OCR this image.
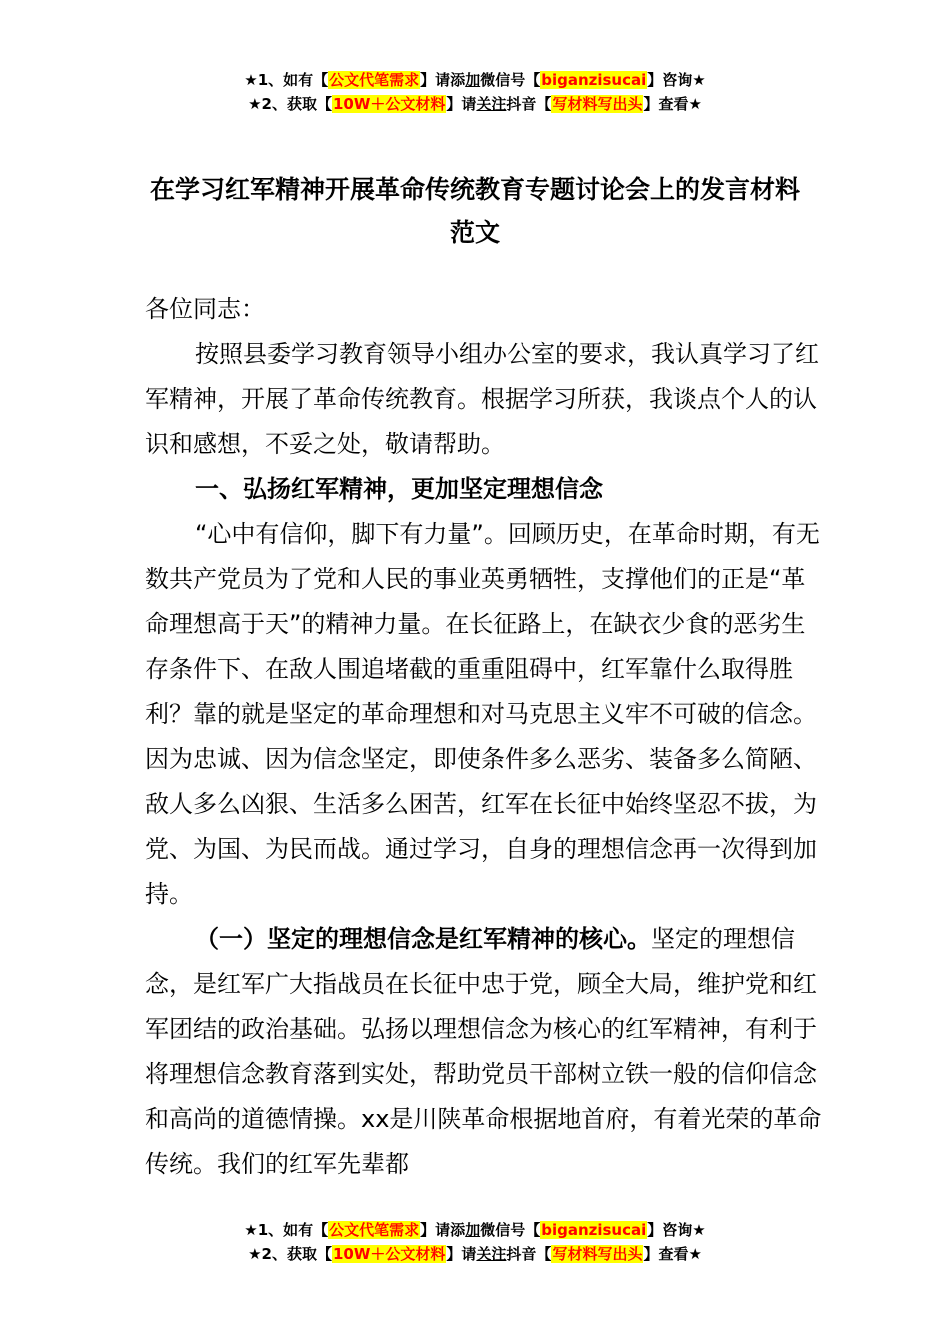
★1、如有【公文代笔需求】请添加微信号【biganzisucai】咨询★
★2、获取【10W＋公文材料】请关注抖音【写材料写出头】查看★
在学习红军精神开展革命传统教育专题讨论会上的发言材料范文

各位同志：

按照县委学习教育领导小组办公室的要求，我认真学习了红军精神，开展了革命传统教育。根据学习所获，我谈点个人的认识和感想，不妥之处，敬请帮助。

一、弘扬红军精神，更加坚定理想信念

“心中有信仰，脚下有力量”。回顾历史，在革命时期，有无数共产党员为了党和人民的事业英勇牺牲，支撑他们的正是“革命理想高于天”的精神力量。在长征路上，在缺衣少食的恶劣生存条件下、在敌人围追堵截的重重阻碍中，红军靠什么取得胜利？靠的就是坚定的革命理想和对马克思主义牢不可破的信念。因为忠诚、因为信念坚定，即使条件多么恶劣、装备多么简陋、敌人多么凶狠、生活多么困苦，红军在长征中始终坚忍不拔，为党、为国、为民而战。通过学习，自身的理想信念再一次得到加持。

（一）坚定的理想信念是红军精神的核心。坚定的理想信念，是红军广大指战员在长征中忠于党，顾全大局，维护党和红军团结的政治基础。弘扬以理想信念为核心的红军精神，有利于将理想信念教育落到实处，帮助党员干部树立铁一般的信仰信念和高尚的道德情操。xx是川陕革命根据地首府，有着光荣的革命传统。我们的红军先辈都

★1、如有【公文代笔需求】请添加微信号【biganzisucai】咨询★
★2、获取【10W＋公文材料】请关注抖音【写材料写出头】查看★
